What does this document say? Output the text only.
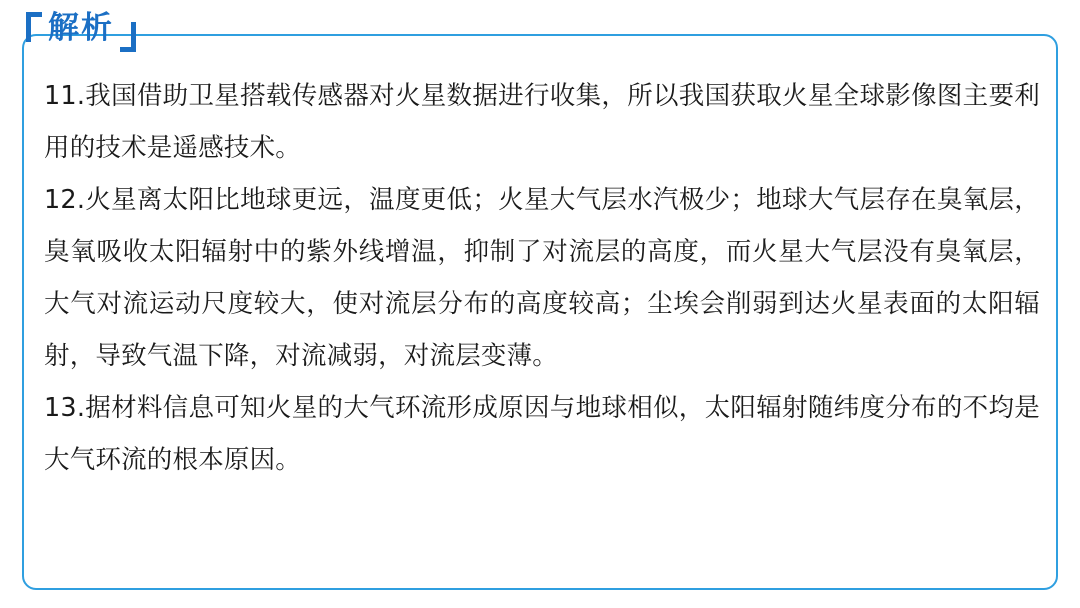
解析

11.我国借助卫星搭载传感器对火星数据进行收集，所以我国获取火星全球影像图主要利用的技术是遥感技术。

12.火星离太阳比地球更远，温度更低；火星大气层水汽极少；地球大气层存在臭氧层，臭氧吸收太阳辐射中的紫外线增温，抑制了对流层的高度，而火星大气层没有臭氧层，大气对流运动尺度较大，使对流层分布的高度较高；尘埃会削弱到达火星表面的太阳辐射，导致气温下降，对流减弱，对流层变薄。

13.据材料信息可知火星的大气环流形成原因与地球相似，太阳辐射随纬度分布的不均是大气环流的根本原因。
